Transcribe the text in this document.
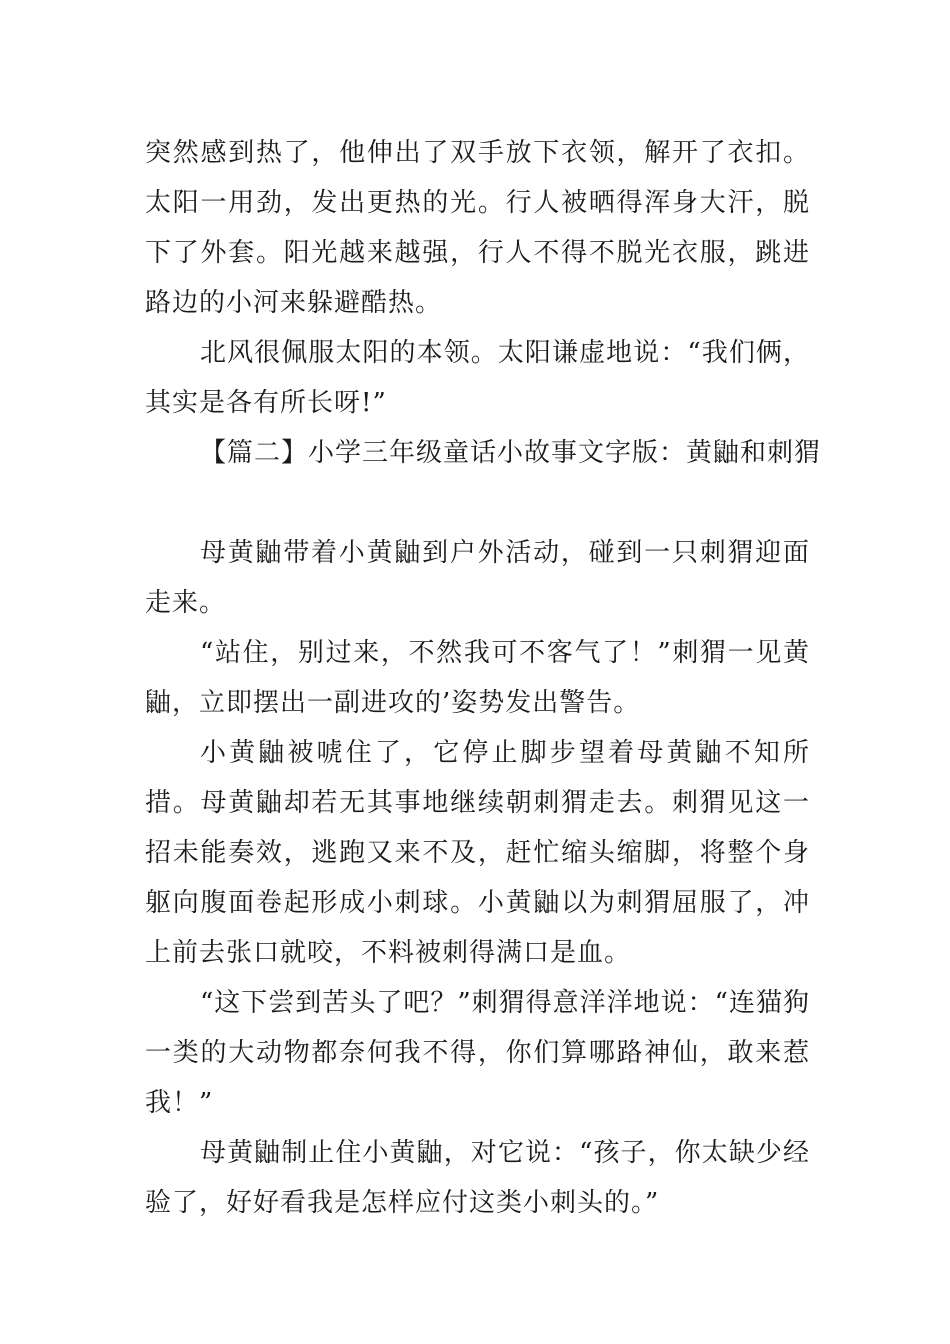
突然感到热了，他伸出了双手放下衣领，解开了衣扣。太阳一用劲，发出更热的光。行人被晒得浑身大汗，脱下了外套。阳光越来越强，行人不得不脱光衣服，跳进路边的小河来躲避酷热。

北风很佩服太阳的本领。太阳谦虚地说：“我们俩，其实是各有所长呀!”

【篇二】小学三年级童话小故事文字版：黄鼬和刺猬

母黄鼬带着小黄鼬到户外活动，碰到一只刺猬迎面走来。

“站住，别过来，不然我可不客气了！”刺猬一见黄鼬，立即摆出一副进攻的’姿势发出警告。

小黄鼬被唬住了，它停止脚步望着母黄鼬不知所措。母黄鼬却若无其事地继续朝刺猬走去。刺猬见这一招未能奏效，逃跑又来不及，赶忙缩头缩脚，将整个身躯向腹面卷起形成小刺球。小黄鼬以为刺猬屈服了，冲上前去张口就咬，不料被刺得满口是血。

“这下尝到苦头了吧？”刺猬得意洋洋地说：“连猫狗一类的大动物都奈何我不得，你们算哪路神仙，敢来惹我！”

母黄鼬制止住小黄鼬，对它说：“孩子，你太缺少经验了，好好看我是怎样应付这类小刺头的。”
